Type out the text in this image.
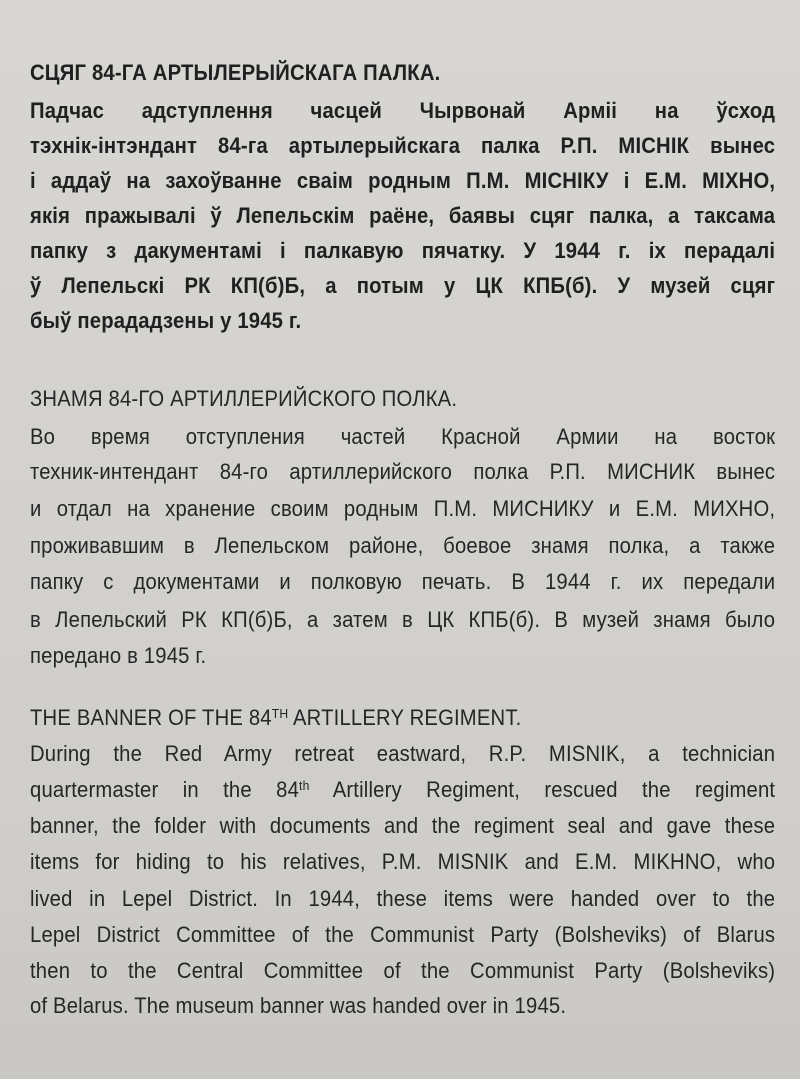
СЦЯГ 84-ГА АРТЫЛЕРЫЙСКАГА ПАЛКА.
Падчас адступлення часцей Чырвонай Арміі на ўсход
тэхнік-інтэндант 84-га артылерыйскага палка Р.П. МІСНІК вынес
і аддаў на захоўванне сваім родным П.М. МІСНІКУ і Е.М. МІХНО,
якія пражывалі ў Лепельскім раёне, баявы сцяг палка, а таксама
папку з дакументамі і палкавую пячатку. У 1944 г. іх перадалі
ў Лепельскі РК КП(б)Б, а потым у ЦК КПБ(б). У музей сцяг
быў перададзены у 1945 г.
ЗНАМЯ 84-ГО АРТИЛЛЕРИЙСКОГО ПОЛКА.
Во время отступления частей Красной Армии на восток
техник-интендант 84-го артиллерийского полка Р.П. МИСНИК вынес
и отдал на хранение своим родным П.М. МИСНИКУ и Е.М. МИХНО,
проживавшим в Лепельском районе, боевое знамя полка, а также
папку с документами и полковую печать. В 1944 г. их передали
в Лепельский РК КП(б)Б, а затем в ЦК КПБ(б). В музей знамя было
передано в 1945 г.
THE BANNER OF THE 84TH ARTILLERY REGIMENT.
During the Red Army retreat eastward, R.P. MISNIK, a technician
quartermaster in the 84th Artillery Regiment, rescued the regiment
banner, the folder with documents and the regiment seal and gave these
items for hiding to his relatives, P.M. MISNIK and E.M. MIKHNO, who
lived in Lepel District. In 1944, these items were handed over to the
Lepel District Committee of the Communist Party (Bolsheviks) of Blarus
then to the Central Committee of the Communist Party (Bolsheviks)
of Belarus. The museum banner was handed over in 1945.
